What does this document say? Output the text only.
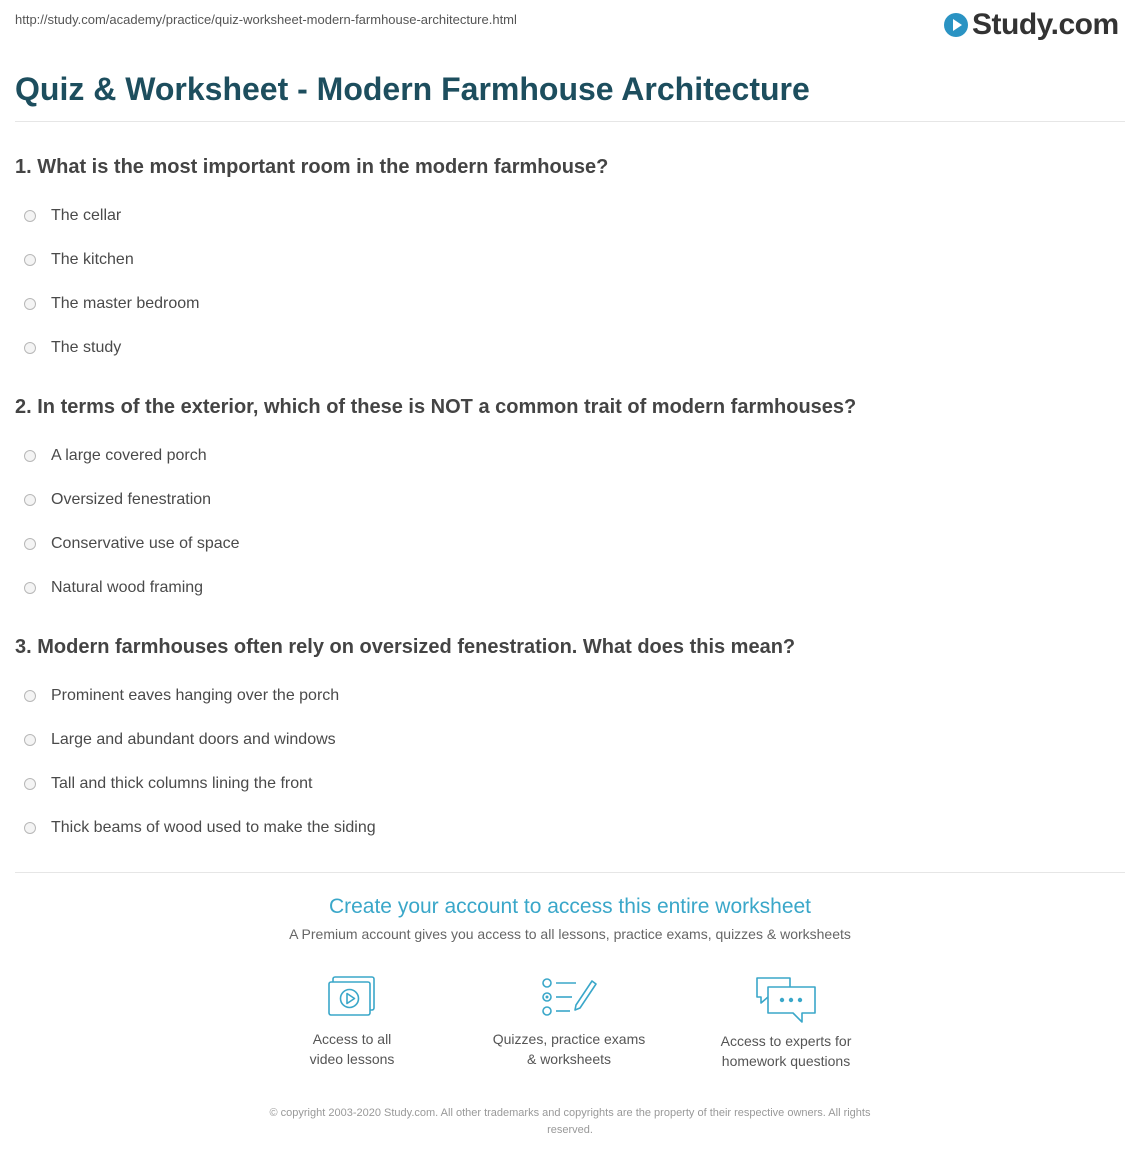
http://study.com/academy/practice/quiz-worksheet-modern-farmhouse-architecture.html	Study.com
Quiz & Worksheet - Modern Farmhouse Architecture

1. What is the most important room in the modern farmhouse?

The cellar
The kitchen
The master bedroom
The study

2. In terms of the exterior, which of these is NOT a common trait of modern farmhouses?

A large covered porch
Oversized fenestration
Conservative use of space
Natural wood framing

3. Modern farmhouses often rely on oversized fenestration. What does this mean?

Prominent eaves hanging over the porch
Large and abundant doors and windows
Tall and thick columns lining the front
Thick beams of wood used to make the siding
Create your account to access this entire worksheet
A Premium account gives you access to all lessons, practice exams, quizzes & worksheets
Access to all
video lessons
Quizzes, practice exams
& worksheets
Access to experts for
homework questions
© copyright 2003-2020 Study.com. All other trademarks and copyrights are the property of their respective owners. All rights
reserved.
